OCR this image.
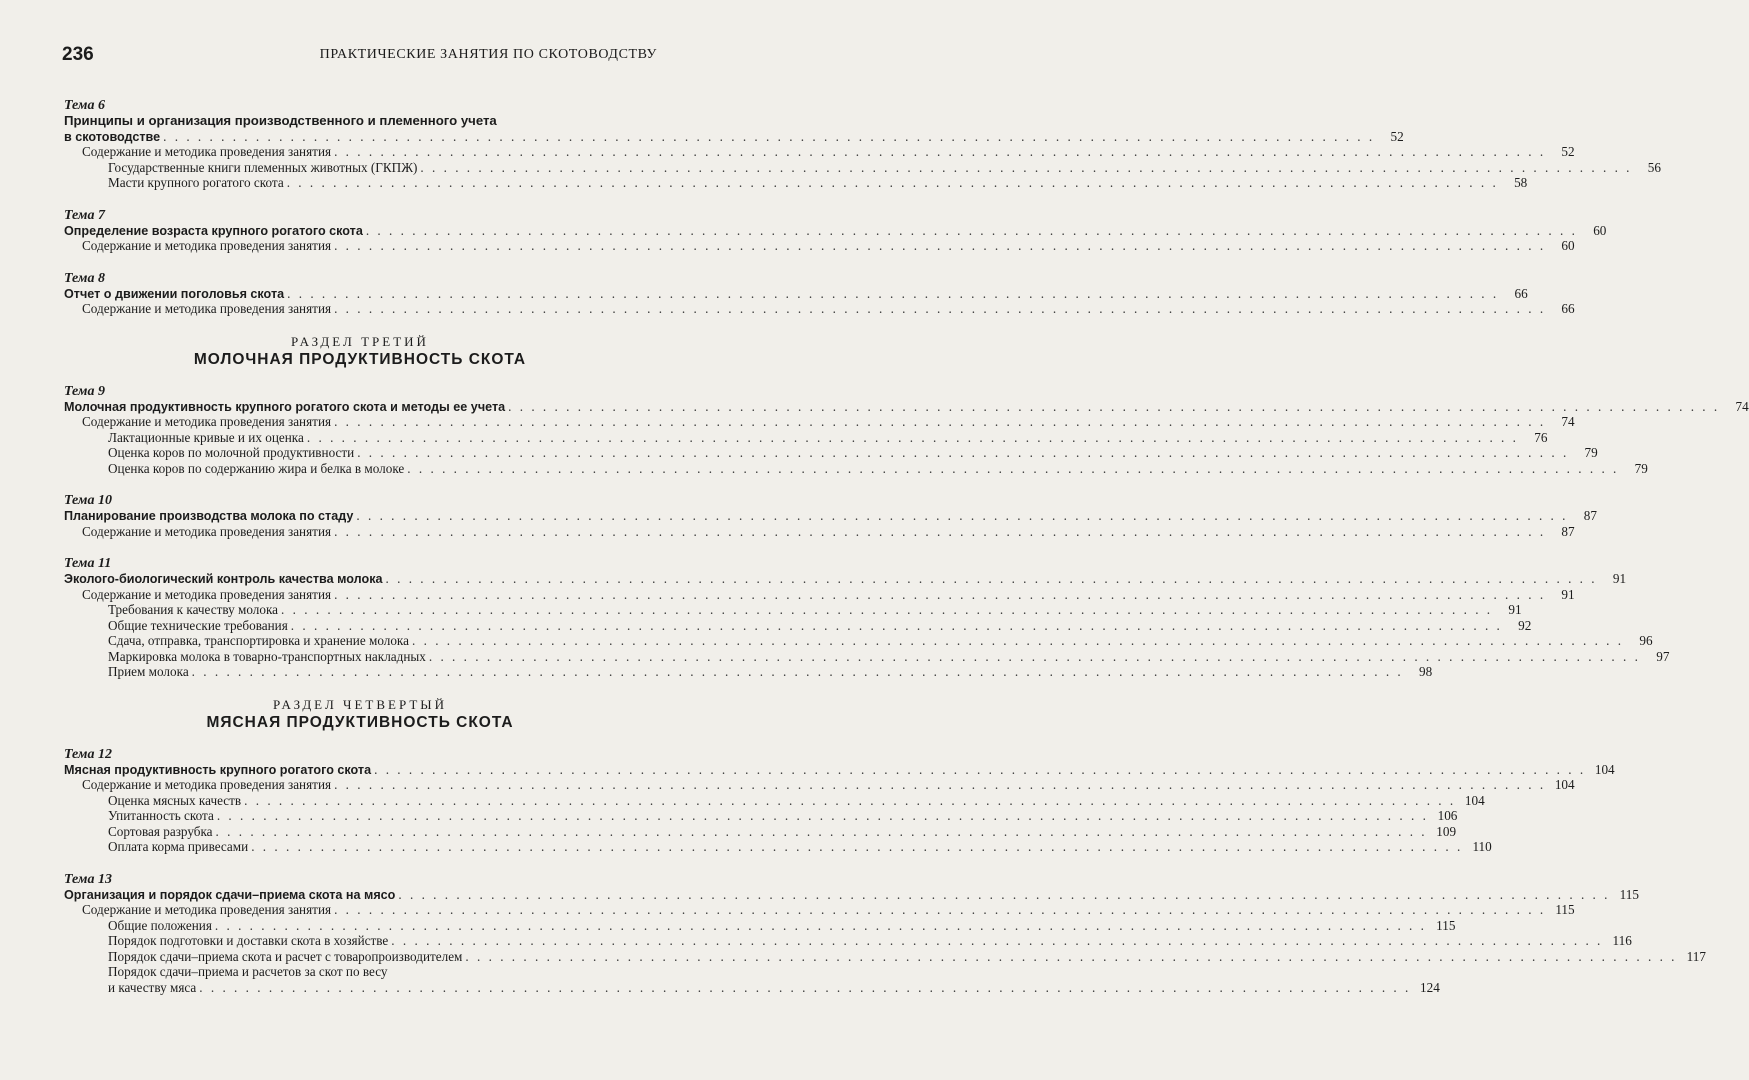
236	ПРАКТИЧЕСКИЕ ЗАНЯТИЯ ПО СКОТОВОДСТВУ
Тема 6
Принципы и организация производственного и племенного учета
в скотоводстве . . .	52
Содержание и методика проведения занятия . . .	52
Государственные книги племенных животных (ГКПЖ) . . .	56
Масти крупного рогатого скота . . .	58
Тема 7
Определение возраста крупного рогатого скота . . .	60
Содержание и методика проведения занятия . . .	60
Тема 8
Отчет о движении поголовья скота . . .	66
Содержание и методика проведения занятия . . .	66
РАЗДЕЛ ТРЕТИЙ
МОЛОЧНАЯ ПРОДУКТИВНОСТЬ СКОТА
Тема 9
Молочная продуктивность крупного рогатого скота и методы ее учета . . .	74
Содержание и методика проведения занятия . . .	74
Лактационные кривые и их оценка . . .	76
Оценка коров по молочной продуктивности . . .	79
Оценка коров по содержанию жира и белка в молоке . . .	79
Тема 10
Планирование производства молока по стаду . . .	87
Содержание и методика проведения занятия . . .	87
Тема 11
Эколого-биологический контроль качества молока . . .	91
Содержание и методика проведения занятия . . .	91
Требования к качеству молока . . .	91
Общие технические требования . . .	92
Сдача, отправка, транспортировка и хранение молока . . .	96
Маркировка молока в товарно-транспортных накладных . . .	97
Прием молока . . .	98
РАЗДЕЛ ЧЕТВЕРТЫЙ
МЯСНАЯ ПРОДУКТИВНОСТЬ СКОТА
Тема 12
Мясная продуктивность крупного рогатого скота . . .	104
Содержание и методика проведения занятия . . .	104
Оценка мясных качеств . . .	104
Упитанность скота . . .	106
Сортовая разрубка . . .	109
Оплата корма привесами . . .	110
Тема 13
Организация и порядок сдачи–приема скота на мясо . . .	115
Содержание и методика проведения занятия . . .	115
Общие положения . . .	115
Порядок подготовки и доставки скота в хозяйстве . . .	116
Порядок сдачи–приема скота и расчет с товаропроизводителем . . .	117
Порядок сдачи–приема и расчетов за скот по весу
и качеству мяса . . .	124
